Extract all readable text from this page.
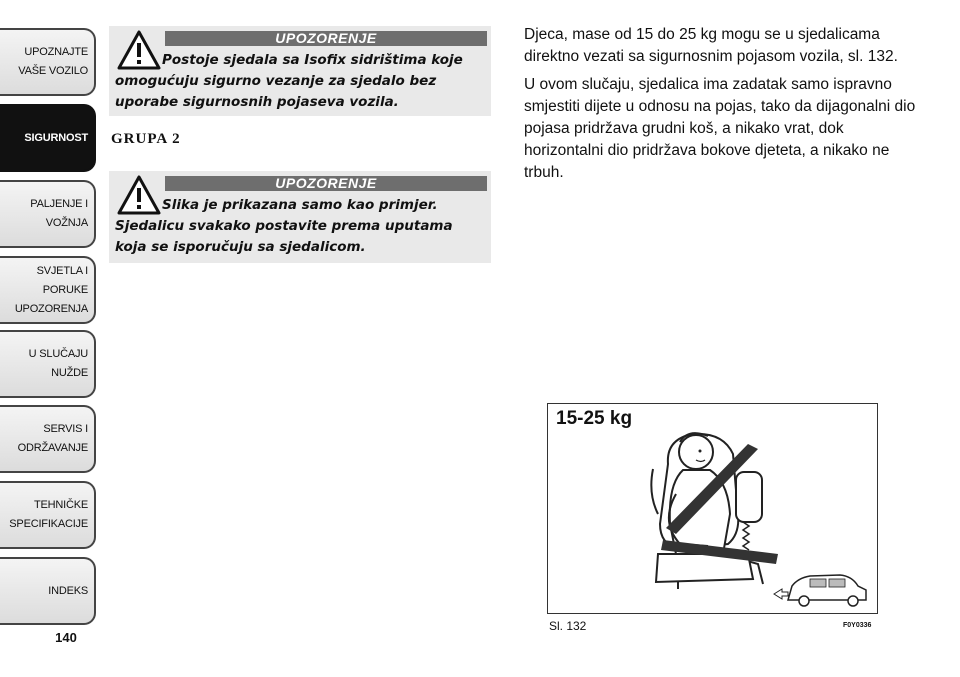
UPOZNAJTE
VAŠE VOZILO
SIGURNOST
PALJENJE I
VOŽNJA
SVJETLA I PORUKE
UPOZORENJA
U SLUČAJU
NUŽDE
SERVIS I
ODRŽAVANJE
TEHNIČKE
SPECIFIKACIJE
INDEKS
140
UPOZORENJE
Postoje sjedala sa Isofix sidrištima koje omogućuju sigurno vezanje za sjedalo bez uporabe sigurnosnih pojaseva vozila.
GRUPA 2
UPOZORENJE
Slika je prikazana samo kao primjer. Sjedalicu svakako postavite prema uputama koja se isporučuju sa sjedalicom.

Djeca, mase od 15 do 25 kg mogu se u sjedalicama direktno vezati sa sigurnosnim pojasom vozila, sl. 132.

U ovom slučaju, sjedalica ima zadatak samo ispravno smjestiti dijete u odnosu na pojas, tako da dijagonalni dio pojasa pridržava grudni koš, a nikako vrat, dok horizontalni dio pridržava bokove djeteta, a nikako ne trbuh.

15-25 kg
Sl. 132	F0Y0336
